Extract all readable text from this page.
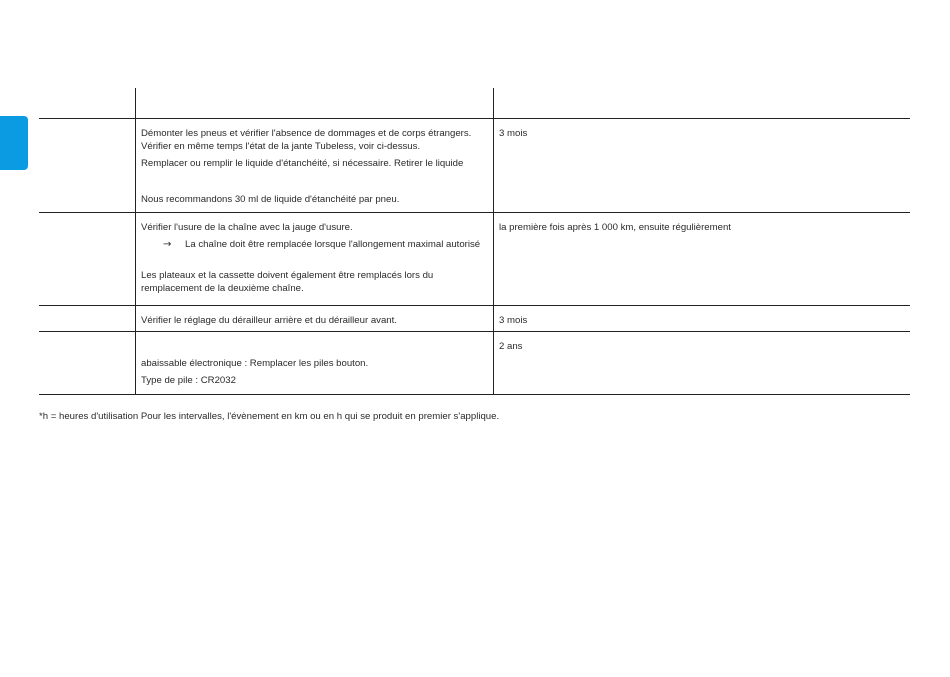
	Démonter les pneus et vérifier l'absence de dommages et de corps étrangers.

Vérifier en même temps l'état de la jante Tubeless, voir ci-dessus.

Remplacer ou remplir le liquide d'étanchéité, si nécessaire. Retirer le liquide

Nous recommandons 30 ml de liquide d'étanchéité par pneu.	3 mois

	Vérifier l'usure de la chaîne avec la jauge d'usure.

→ La chaîne doit être remplacée lorsque l'allongement maximal autorisé

Les plateaux et la cassette doivent également être remplacés lors du

remplacement de la deuxième chaîne.	la première fois après 1 000 km, ensuite régulièrement

	Vérifier le réglage du dérailleur arrière et du dérailleur avant.	3 mois

	abaissable électronique : Remplacer les piles bouton.

Type de pile : CR2032	2 ans

*h = heures d'utilisation Pour les intervalles, l'évènement en km ou en h qui se produit en premier s'applique.
